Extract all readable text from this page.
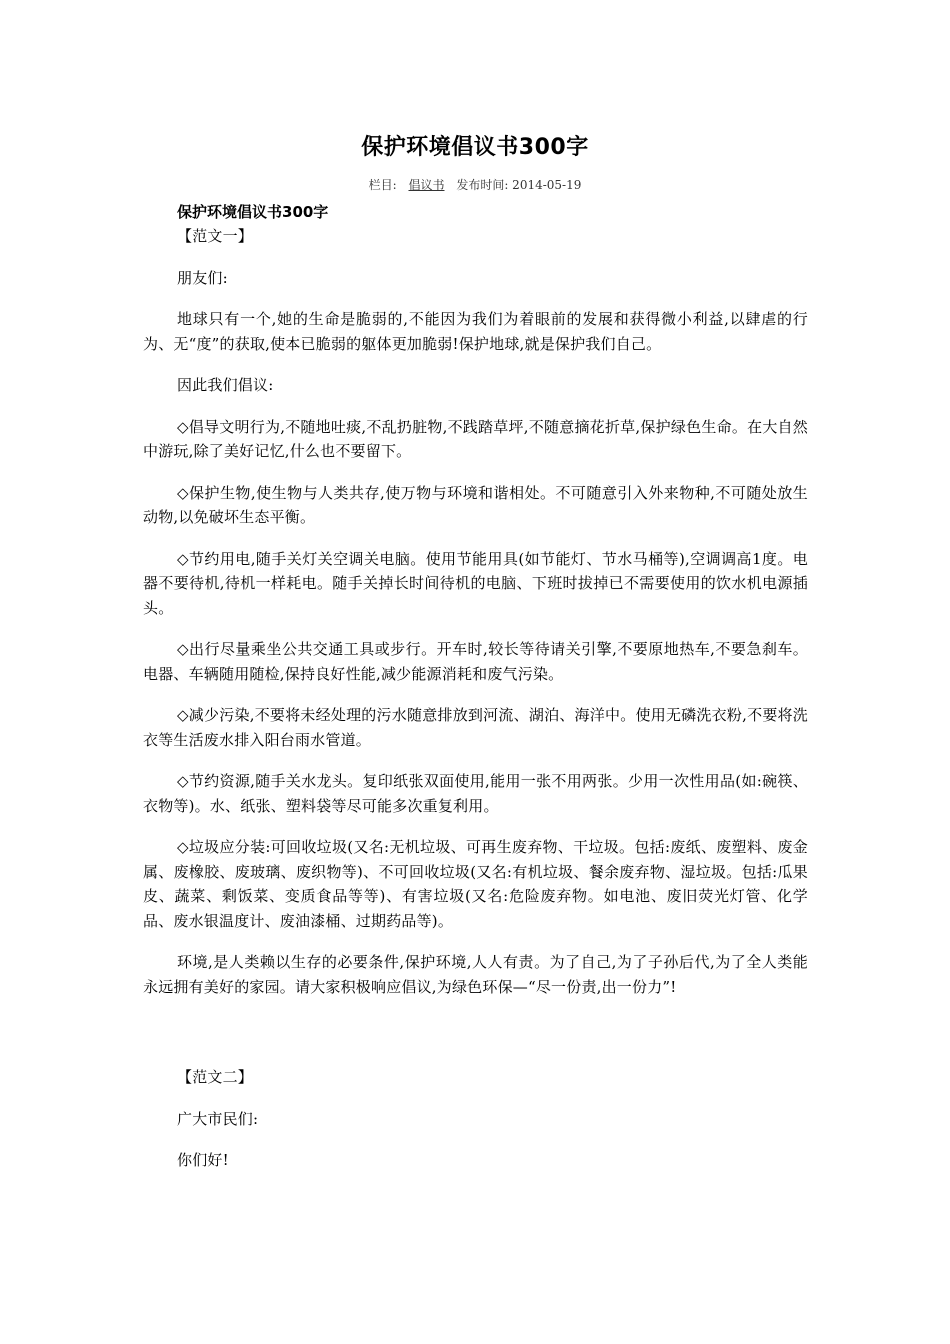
保护环境倡议书300字
栏目: 倡议书 发布时间: 2014-05-19
保护环境倡议书300字

【范文一】

朋友们:

地球只有一个,她的生命是脆弱的,不能因为我们为着眼前的发展和获得微小利益,以肆虐的行为、无“度”的获取,使本已脆弱的躯体更加脆弱!保护地球,就是保护我们自己。

因此我们倡议:

◇倡导文明行为,不随地吐痰,不乱扔脏物,不践踏草坪,不随意摘花折草,保护绿色生命。在大自然中游玩,除了美好记忆,什么也不要留下。

◇保护生物,使生物与人类共存,使万物与环境和谐相处。不可随意引入外来物种,不可随处放生动物,以免破坏生态平衡。

◇节约用电,随手关灯关空调关电脑。使用节能用具(如节能灯、节水马桶等),空调调高1度。电器不要待机,待机一样耗电。随手关掉长时间待机的电脑、下班时拔掉已不需要使用的饮水机电源插头。

◇出行尽量乘坐公共交通工具或步行。开车时,较长等待请关引擎,不要原地热车,不要急刹车。电器、车辆随用随检,保持良好性能,减少能源消耗和废气污染。

◇减少污染,不要将未经处理的污水随意排放到河流、湖泊、海洋中。使用无磷洗衣粉,不要将洗衣等生活废水排入阳台雨水管道。

◇节约资源,随手关水龙头。复印纸张双面使用,能用一张不用两张。少用一次性用品(如:碗筷、衣物等)。水、纸张、塑料袋等尽可能多次重复利用。

◇垃圾应分装:可回收垃圾(又名:无机垃圾、可再生废弃物、干垃圾。包括:废纸、废塑料、废金属、废橡胶、废玻璃、废织物等)、不可回收垃圾(又名:有机垃圾、餐余废弃物、湿垃圾。包括:瓜果皮、蔬菜、剩饭菜、变质食品等等)、有害垃圾(又名:危险废弃物。如电池、废旧荧光灯管、化学品、废水银温度计、废油漆桶、过期药品等)。

环境,是人类赖以生存的必要条件,保护环境,人人有责。为了自己,为了子孙后代,为了全人类能永远拥有美好的家园。请大家积极响应倡议,为绿色环保—“尽一份责,出一份力”!

【范文二】

广大市民们:

你们好!
